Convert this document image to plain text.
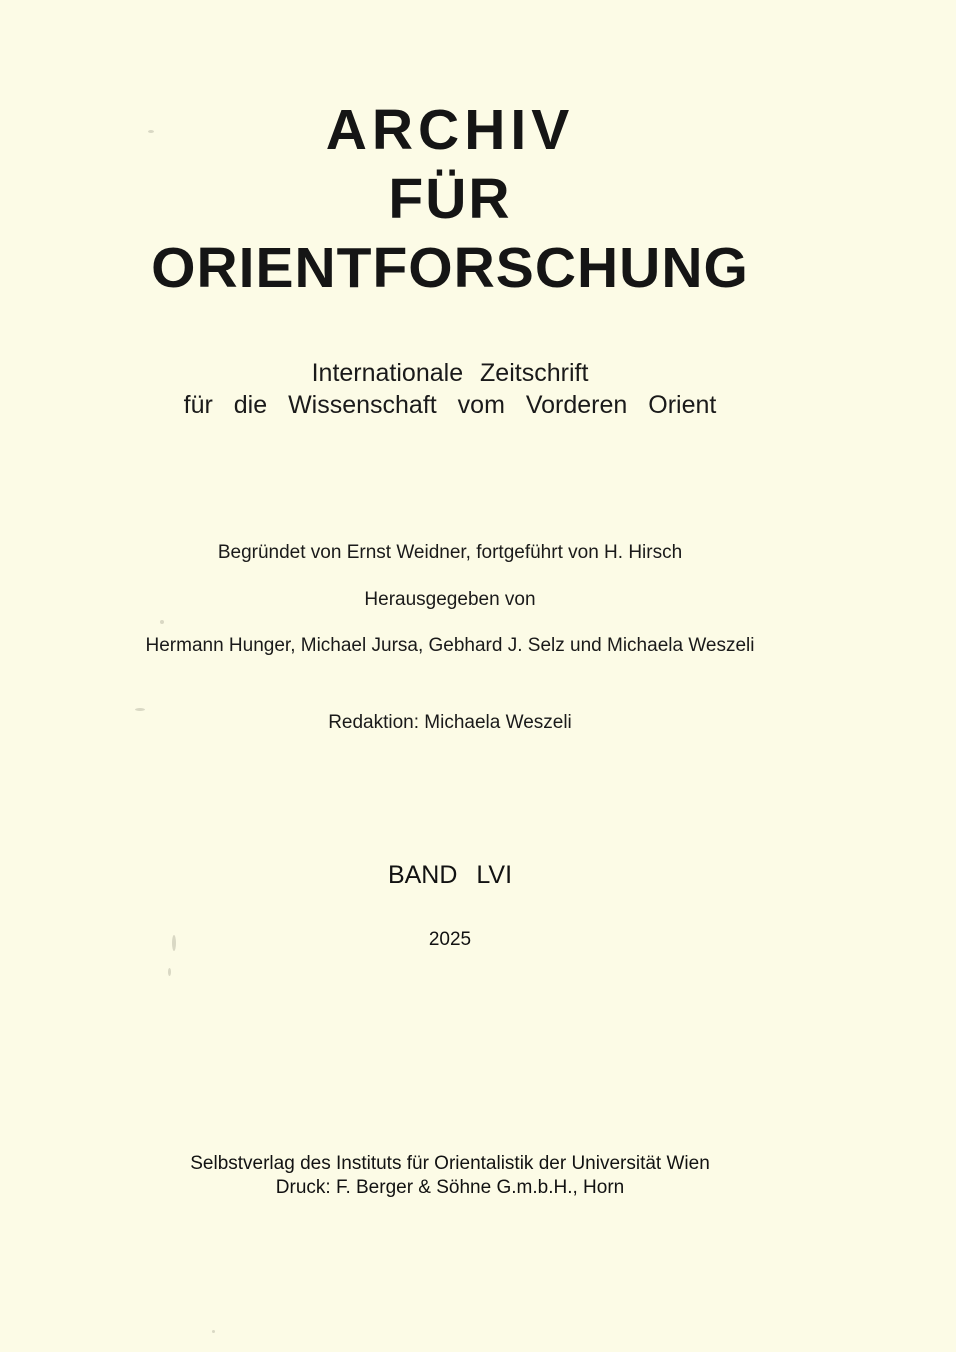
ARCHIV
FÜR
ORIENTFORSCHUNG
Internationale Zeitschrift
für die Wissenschaft vom Vorderen Orient
Begründet von Ernst Weidner, fortgeführt von H. Hirsch
Herausgegeben von
Hermann Hunger, Michael Jursa, Gebhard J. Selz und Michaela Weszeli
Redaktion: Michaela Weszeli
BAND LVI
2025
Selbstverlag des Instituts für Orientalistik der Universität Wien
Druck: F. Berger & Söhne G.m.b.H., Horn
